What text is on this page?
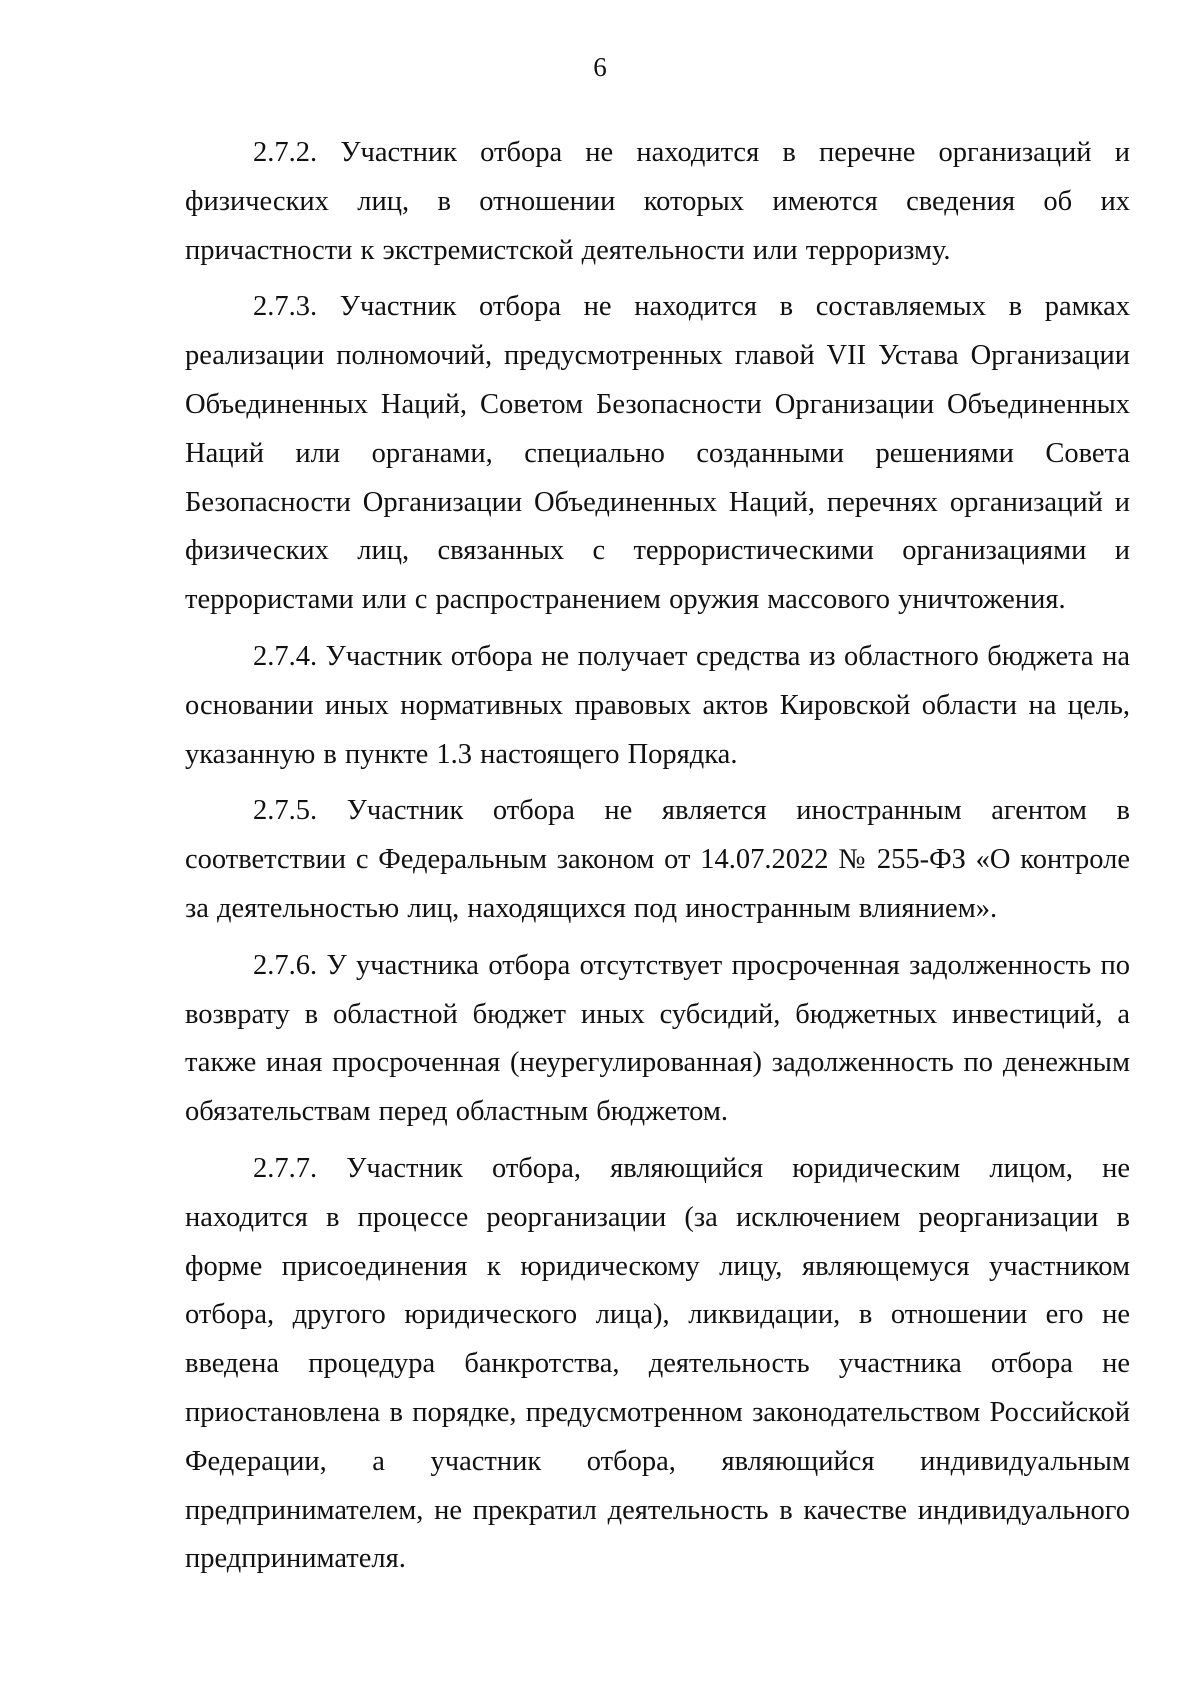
6

2.7.2. Участник отбора не находится в перечне организаций и физических лиц, в отношении которых имеются сведения об их причастности к экстремистской деятельности или терроризму.

2.7.3. Участник отбора не находится в составляемых в рамках реализации полномочий, предусмотренных главой VII Устава Организации Объединенных Наций, Советом Безопасности Организации Объединенных Наций или органами, специально созданными решениями Совета Безопасности Организации Объединенных Наций, перечнях организаций и физических лиц, связанных с террористическими организациями и террористами или с распространением оружия массового уничтожения.

2.7.4. Участник отбора не получает средства из областного бюджета на основании иных нормативных правовых актов Кировской области на цель, указанную в пункте 1.3 настоящего Порядка.

2.7.5. Участник отбора не является иностранным агентом в соответствии с Федеральным законом от 14.07.2022 № 255-ФЗ «О контроле за деятельностью лиц, находящихся под иностранным влиянием».

2.7.6. У участника отбора отсутствует просроченная задолженность по возврату в областной бюджет иных субсидий, бюджетных инвестиций, а также иная просроченная (неурегулированная) задолженность по денежным обязательствам перед областным бюджетом.

2.7.7. Участник отбора, являющийся юридическим лицом, не находится в процессе реорганизации (за исключением реорганизации в форме присоединения к юридическому лицу, являющемуся участником отбора, другого юридического лица), ликвидации, в отношении его не введена процедура банкротства, деятельность участника отбора не приостановлена в порядке, предусмотренном законодательством Российской Федерации, а участник отбора, являющийся индивидуальным предпринимателем, не прекратил деятельность в качестве индивидуального предпринимателя.
